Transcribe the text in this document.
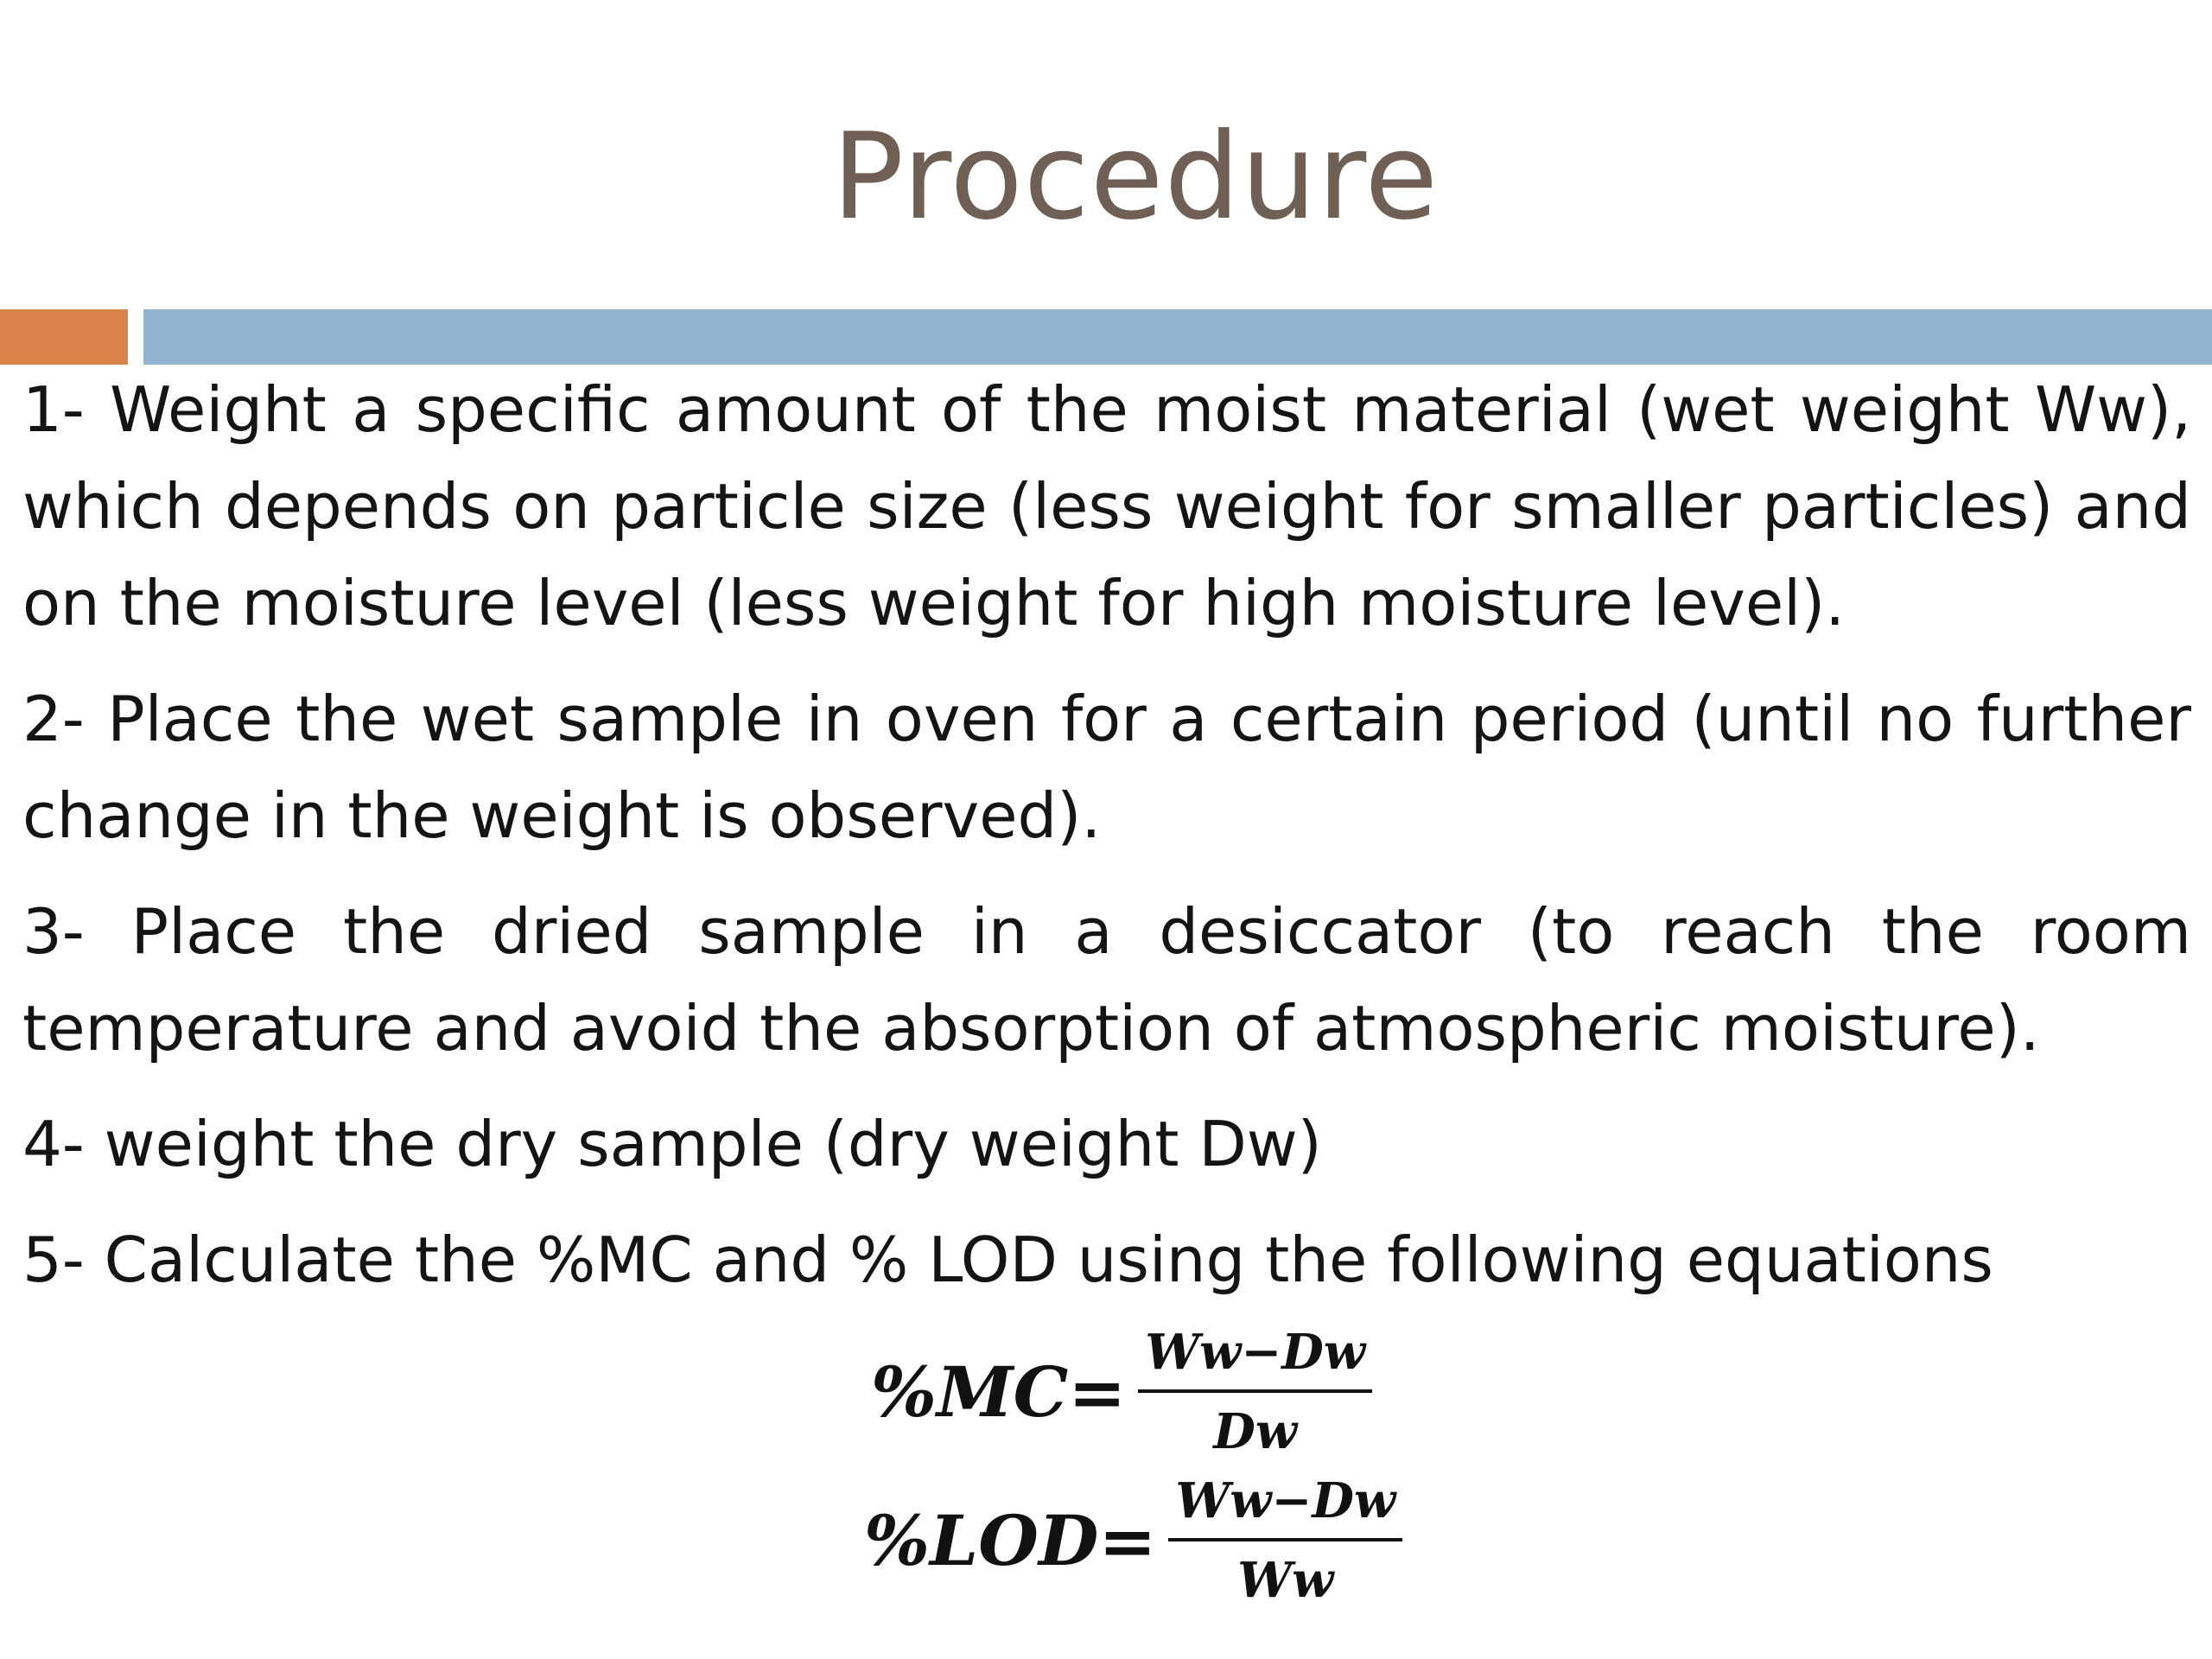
Procedure

1- Weight a specific amount of the moist material (wet weight Ww), which depends on particle size (less weight for smaller particles) and on the moisture level (less weight for high moisture level).

2- Place the wet sample in oven for a certain period (until no further change in the weight is observed).

3- Place the dried sample in a desiccator (to reach the room temperature and avoid the absorption of atmospheric moisture).

4- weight the dry sample (dry weight Dw)

5- Calculate the %MC and % LOD using the following equations

$\%MC= \frac{Ww-Dw}{Dw}$
$\%LOD= \frac{Ww-Dw}{Ww}$
